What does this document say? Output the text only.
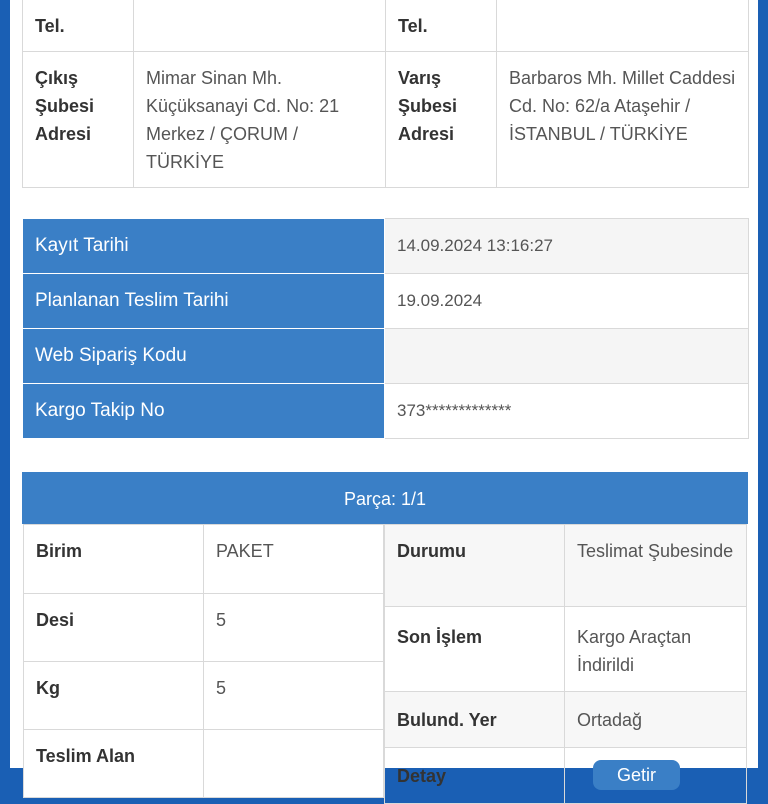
Tel.		Tel.	
Çıkış Şubesi Adresi	Mimar Sinan Mh. Küçüksanayi Cd. No: 21 Merkez / ÇORUM / TÜRKİYE	Varış Şubesi Adresi	Barbaros Mh. Millet Caddesi Cd. No: 62/a Ataşehir / İSTANBUL / TÜRKİYE
Kayıt Tarihi	14.09.2024 13:16:27
Planlanan Teslim Tarihi	19.09.2024
Web Sipariş Kodu	
Kargo Takip No	373*************
Parça: 1/1
Birim	PAKET
Desi	5
Kg	5
Teslim Alan	
Durumu	Teslimat Şubesinde
Son İşlem	Kargo Araçtan İndirildi
Bulund. Yer	Ortadağ
Detay	Getir
